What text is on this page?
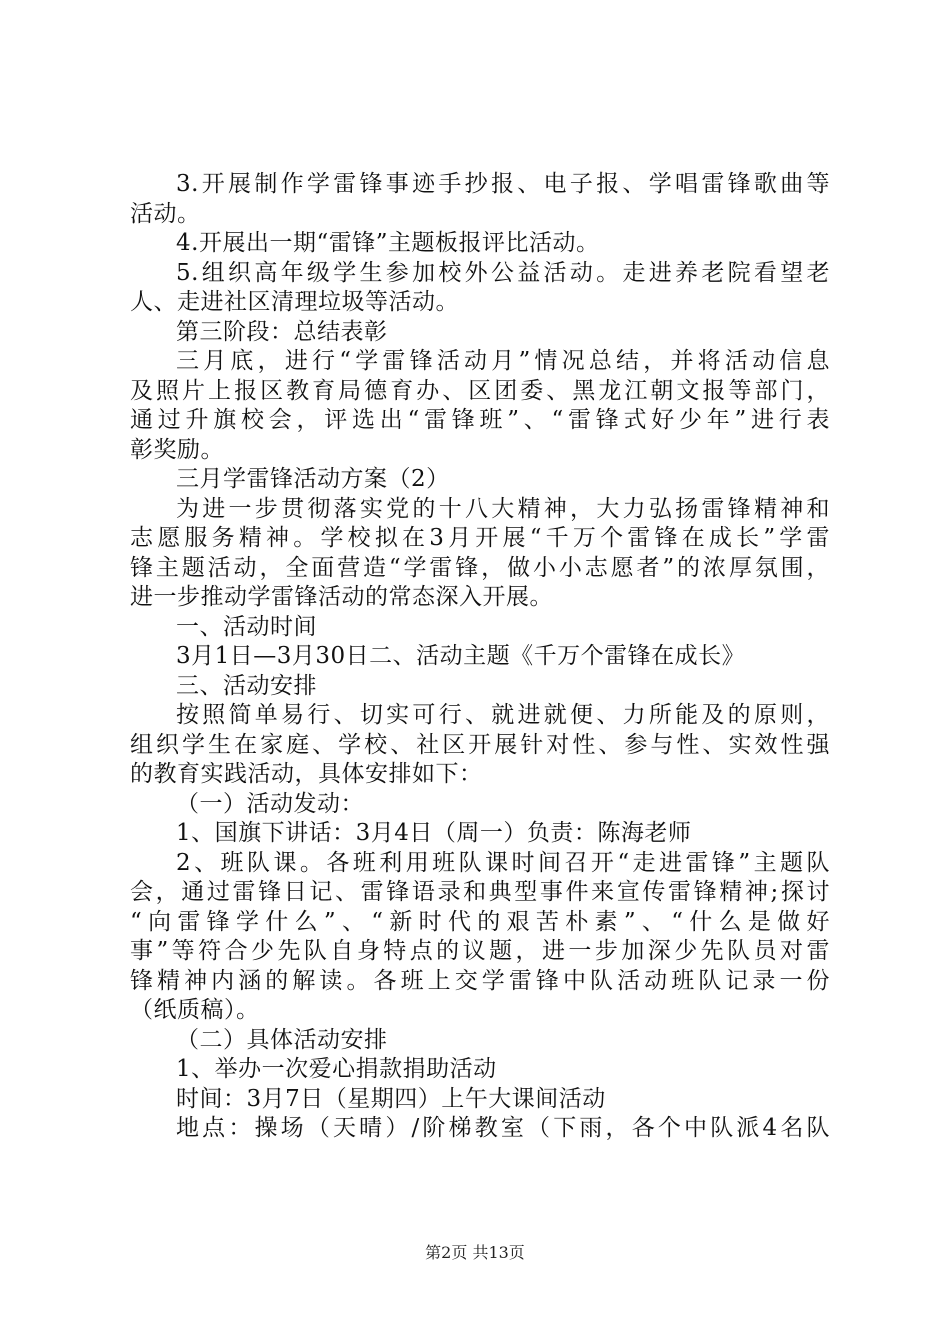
3.开展制作学雷锋事迹手抄报、电子报、学唱雷锋歌曲等
活动。
4.开展出一期“雷锋”主题板报评比活动。
5.组织高年级学生参加校外公益活动。走进养老院看望老
人、走进社区清理垃圾等活动。
第三阶段：总结表彰
三月底，进行“学雷锋活动月”情况总结，并将活动信息
及照片上报区教育局德育办、区团委、黑龙江朝文报等部门，
通过升旗校会，评选出“雷锋班”、“雷锋式好少年”进行表
彰奖励。
三月学雷锋活动方案（2）
为进一步贯彻落实党的十八大精神，大力弘扬雷锋精神和
志愿服务精神。学校拟在3月开展“千万个雷锋在成长”学雷
锋主题活动，全面营造“学雷锋，做小小志愿者”的浓厚氛围，
进一步推动学雷锋活动的常态深入开展。
一、活动时间
3月1日—3月30日二、活动主题《千万个雷锋在成长》
三、活动安排
按照简单易行、切实可行、就进就便、力所能及的原则，
组织学生在家庭、学校、社区开展针对性、参与性、实效性强
的教育实践活动，具体安排如下：
（一）活动发动：
1、国旗下讲话：3月4日（周一）负责：陈海老师
2、班队课。各班利用班队课时间召开“走进雷锋”主题队
会，通过雷锋日记、雷锋语录和典型事件来宣传雷锋精神;探讨
“向雷锋学什么”、“新时代的艰苦朴素”、“什么是做好
事”等符合少先队自身特点的议题，进一步加深少先队员对雷
锋精神内涵的解读。各班上交学雷锋中队活动班队记录一份
（纸质稿）。
（二）具体活动安排
1、举办一次爱心捐款捐助活动
时间：3月7日（星期四）上午大课间活动
地点：操场（天晴）/阶梯教室（下雨，各个中队派4名队
第2页 共13页
